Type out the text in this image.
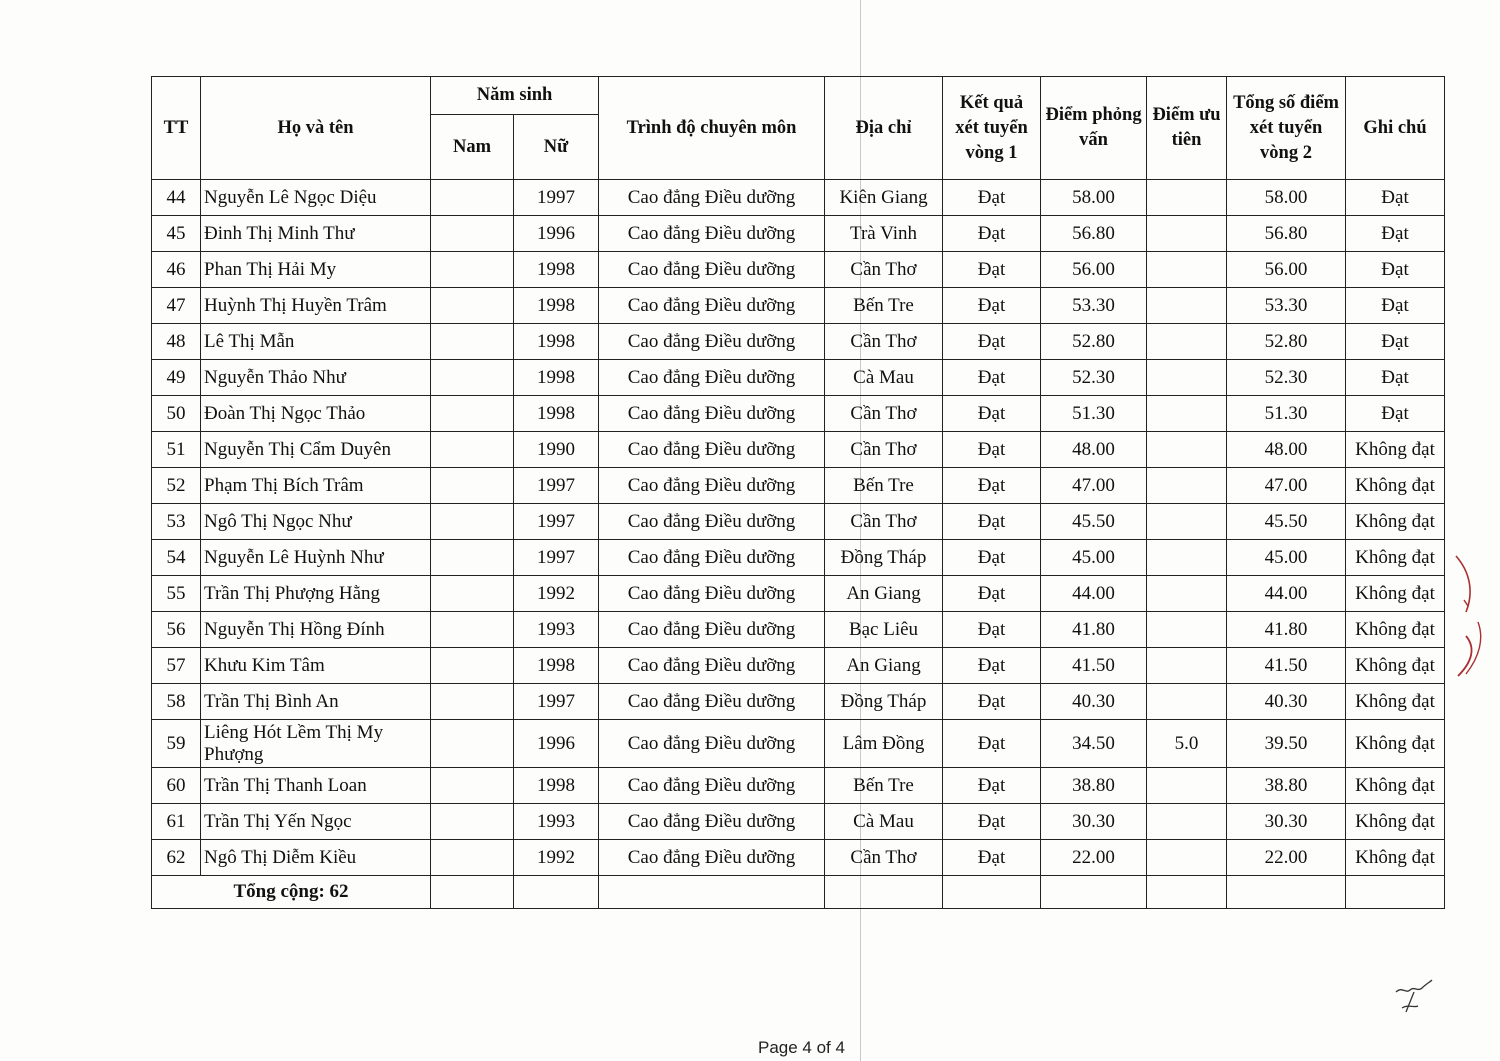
TT	Họ và tên	Năm sinh		Trình độ chuyên môn	Địa chỉ	Kết quả xét tuyển vòng 1	Điểm phỏng vấn	Điểm ưu tiên	Tổng số điểm xét tuyển vòng 2	Ghi chú
		Nam	Nữ							
44	Nguyễn Lê Ngọc Diệu		1997	Cao đẳng Điều dưỡng	Kiên Giang	Đạt	58.00		58.00	Đạt
45	Đinh Thị Minh Thư		1996	Cao đẳng Điều dưỡng	Trà Vinh	Đạt	56.80		56.80	Đạt
46	Phan Thị Hải My		1998	Cao đẳng Điều dưỡng	Cần Thơ	Đạt	56.00		56.00	Đạt
47	Huỳnh Thị Huyền Trâm		1998	Cao đẳng Điều dưỡng	Bến Tre	Đạt	53.30		53.30	Đạt
48	Lê Thị Mẫn		1998	Cao đẳng Điều dưỡng	Cần Thơ	Đạt	52.80		52.80	Đạt
49	Nguyễn Thảo Như		1998	Cao đẳng Điều dưỡng	Cà Mau	Đạt	52.30		52.30	Đạt
50	Đoàn Thị Ngọc Thảo		1998	Cao đẳng Điều dưỡng	Cần Thơ	Đạt	51.30		51.30	Đạt
51	Nguyễn Thị Cẩm Duyên		1990	Cao đẳng Điều dưỡng	Cần Thơ	Đạt	48.00		48.00	Không đạt
52	Phạm Thị Bích Trâm		1997	Cao đẳng Điều dưỡng	Bến Tre	Đạt	47.00		47.00	Không đạt
53	Ngô Thị Ngọc Như		1997	Cao đẳng Điều dưỡng	Cần Thơ	Đạt	45.50		45.50	Không đạt
54	Nguyễn Lê Huỳnh Như		1997	Cao đẳng Điều dưỡng	Đồng Tháp	Đạt	45.00		45.00	Không đạt
55	Trần Thị Phượng Hằng		1992	Cao đẳng Điều dưỡng	An Giang	Đạt	44.00		44.00	Không đạt
56	Nguyễn Thị Hồng Đính		1993	Cao đẳng Điều dưỡng	Bạc Liêu	Đạt	41.80		41.80	Không đạt
57	Khưu Kim Tâm		1998	Cao đẳng Điều dưỡng	An Giang	Đạt	41.50		41.50	Không đạt
58	Trần Thị Bình An		1997	Cao đẳng Điều dưỡng	Đồng Tháp	Đạt	40.30		40.30	Không đạt
59	Liêng Hót Lềm Thị My Phượng		1996	Cao đẳng Điều dưỡng	Lâm Đồng	Đạt	34.50	5.0	39.50	Không đạt
60	Trần Thị Thanh Loan		1998	Cao đẳng Điều dưỡng	Bến Tre	Đạt	38.80		38.80	Không đạt
61	Trần Thị Yến Ngọc		1993	Cao đẳng Điều dưỡng	Cà Mau	Đạt	30.30		30.30	Không đạt
62	Ngô Thị Diễm Kiều		1992	Cao đẳng Điều dưỡng	Cần Thơ	Đạt	22.00		22.00	Không đạt
Tổng cộng: 62										
Page 4 of 4
